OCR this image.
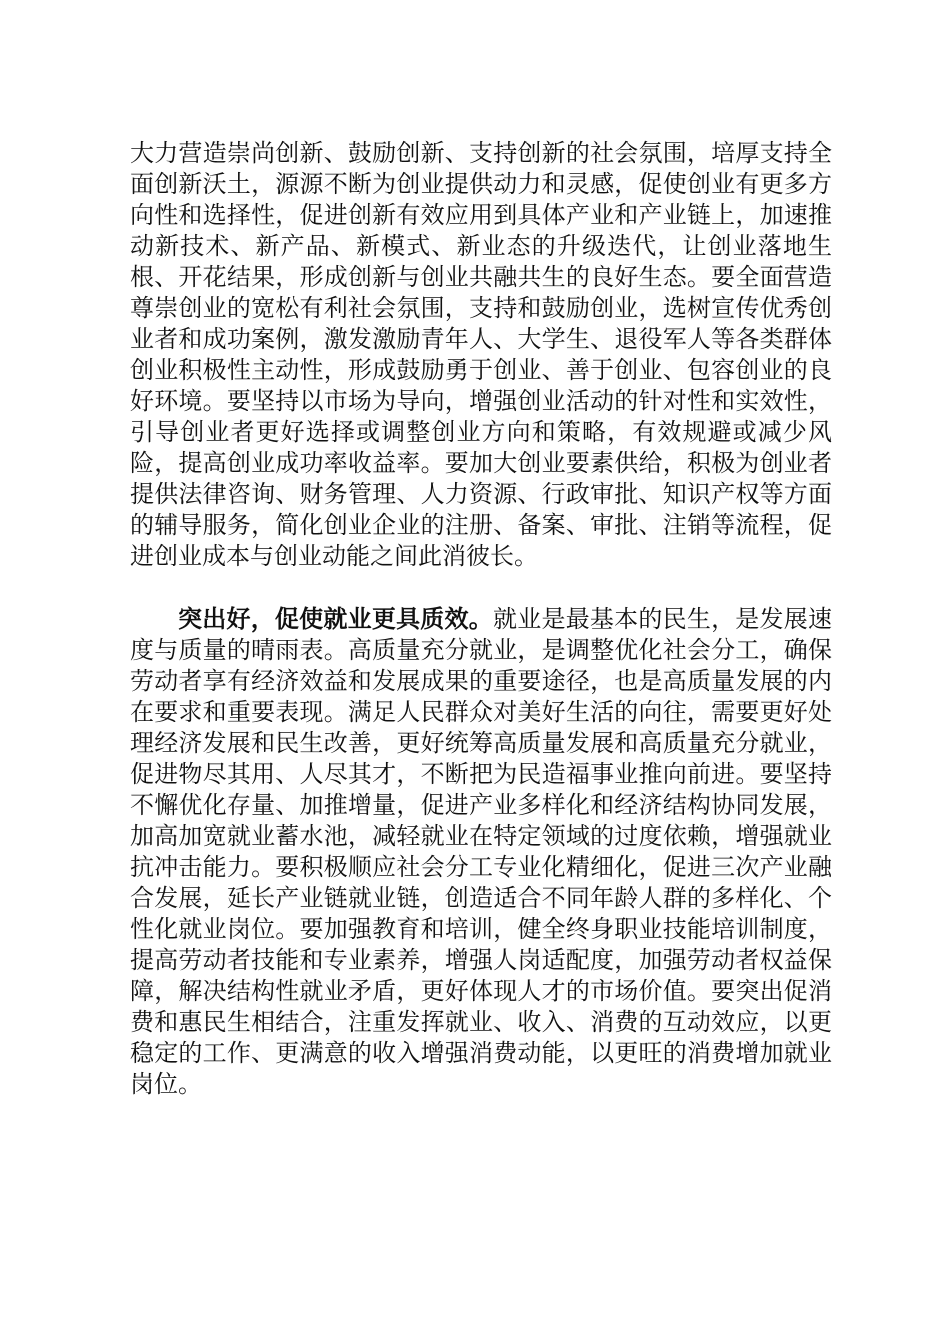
大力营造崇尚创新、鼓励创新、支持创新的社会氛围，培厚支持全面创新沃土，源源不断为创业提供动力和灵感，促使创业有更多方向性和选择性，促进创新有效应用到具体产业和产业链上，加速推动新技术、新产品、新模式、新业态的升级迭代，让创业落地生根、开花结果，形成创新与创业共融共生的良好生态。要全面营造尊崇创业的宽松有利社会氛围，支持和鼓励创业，选树宣传优秀创业者和成功案例，激发激励青年人、大学生、退役军人等各类群体创业积极性主动性，形成鼓励勇于创业、善于创业、包容创业的良好环境。要坚持以市场为导向，增强创业活动的针对性和实效性，引导创业者更好选择或调整创业方向和策略，有效规避或减少风险，提高创业成功率收益率。要加大创业要素供给，积极为创业者提供法律咨询、财务管理、人力资源、行政审批、知识产权等方面的辅导服务，简化创业企业的注册、备案、审批、注销等流程，促进创业成本与创业动能之间此消彼长。

突出好，促使就业更具质效。就业是最基本的民生，是发展速度与质量的晴雨表。高质量充分就业，是调整优化社会分工，确保劳动者享有经济效益和发展成果的重要途径，也是高质量发展的内在要求和重要表现。满足人民群众对美好生活的向往，需要更好处理经济发展和民生改善，更好统筹高质量发展和高质量充分就业，促进物尽其用、人尽其才，不断把为民造福事业推向前进。要坚持不懈优化存量、加推增量，促进产业多样化和经济结构协同发展，加高加宽就业蓄水池，减轻就业在特定领域的过度依赖，增强就业抗冲击能力。要积极顺应社会分工专业化精细化，促进三次产业融合发展，延长产业链就业链，创造适合不同年龄人群的多样化、个性化就业岗位。要加强教育和培训，健全终身职业技能培训制度，提高劳动者技能和专业素养，增强人岗适配度，加强劳动者权益保障，解决结构性就业矛盾，更好体现人才的市场价值。要突出促消费和惠民生相结合，注重发挥就业、收入、消费的互动效应，以更稳定的工作、更满意的收入增强消费动能，以更旺的消费增加就业岗位。
